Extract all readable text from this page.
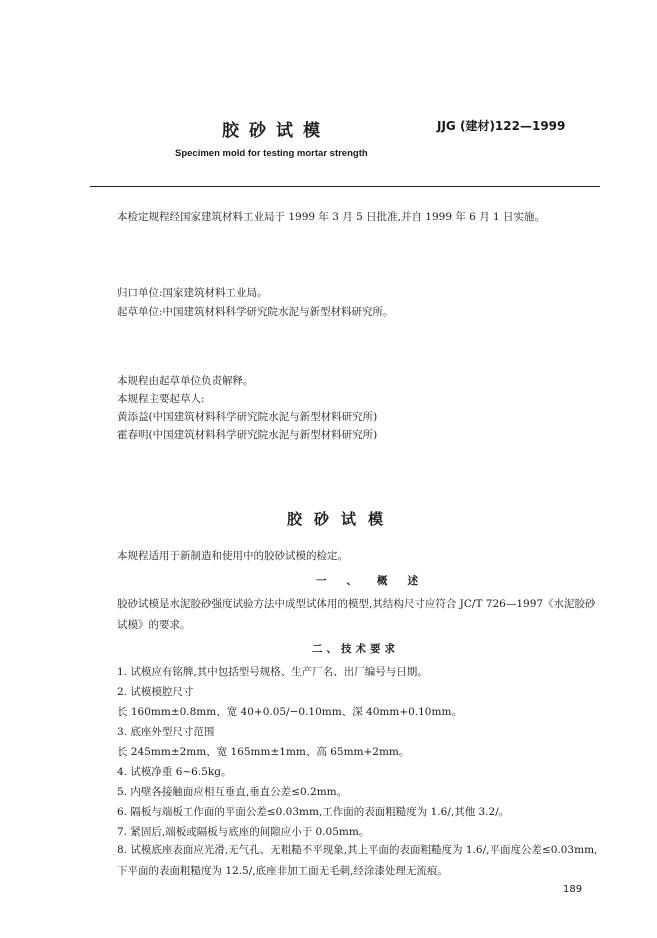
胶砂试模	JJG (建材)122—1999
Specimen mold for testing mortar strength
本检定规程经国家建筑材料工业局于 1999 年 3 月 5 日批准,并自 1999 年 6 月 1 日实施。
归口单位:国家建筑材料工业局。
起草单位:中国建筑材料科学研究院水泥与新型材料研究所。
本规程由起草单位负责解释。
本规程主要起草人:
黄添益(中国建筑材料科学研究院水泥与新型材料研究所)
霍春明(中国建筑材料科学研究院水泥与新型材料研究所)
胶砂试模
本规程适用于新制造和使用中的胶砂试模的检定。
一、概述
胶砂试模是水泥胶砂强度试验方法中成型试体用的模型,其结构尺寸应符合 JC/T 726—1997《水泥胶砂试模》的要求。
二、技术要求
1. 试模应有铭牌,其中包括型号规格、生产厂名、出厂编号与日期。
2. 试模模腔尺寸
长 160mm±0.8mm、宽 40+0.05/−0.10mm、深 40mm+0.10mm。
3. 底座外型尺寸范围
长 245mm±2mm、宽 165mm±1mm、高 65mm+2mm。
4. 试模净重 6~6.5kg。
5. 内壁各接触面应相互垂直,垂直公差≤0.2mm。
6. 隔板与端板工作面的平面公差≤0.03mm,工作面的表面粗糙度为 1.6/,其他 3.2/。
7. 紧固后,端板或隔板与底座的间隙应小于 0.05mm。
8. 试模底座表面应光滑,无气孔、无粗糙不平现象,其上平面的表面粗糙度为 1.6/,平面度公差≤0.03mm,下平面的表面粗糙度为 12.5/,底座非加工面无毛刺,经涂漆处理无流痕。
189
